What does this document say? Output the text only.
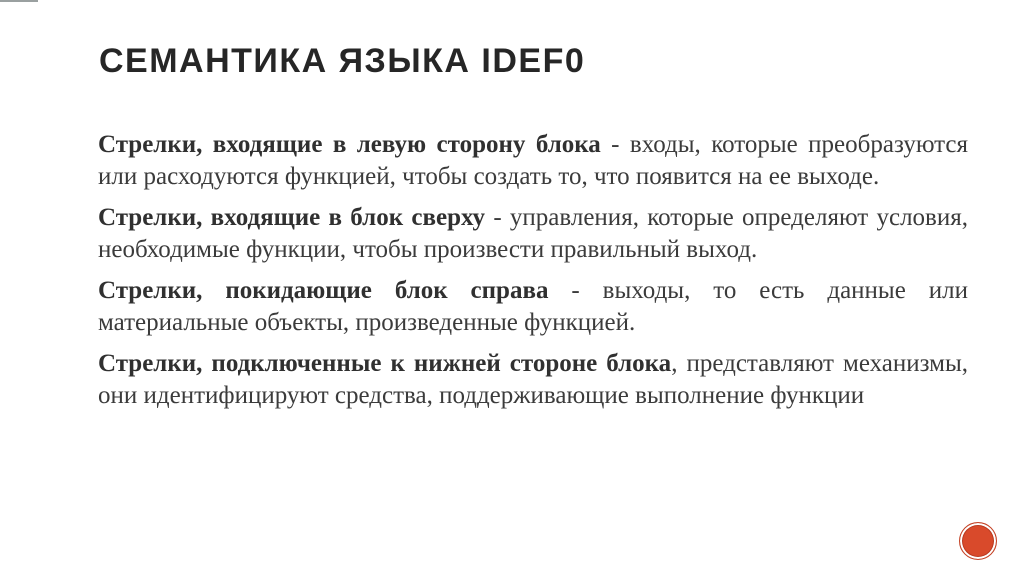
СЕМАНТИКА ЯЗЫКА IDEF0

Стрелки, входящие в левую сторону блока - входы, которые преобразуются или расходуются функцией, чтобы создать то, что появится на ее выходе.

Стрелки, входящие в блок сверху - управления, которые определяют условия, необходимые функции, чтобы произвести правильный выход.

Стрелки, покидающие блок справа - выходы, то есть данные или материальные объекты, произведенные функцией.

Стрелки, подключенные к нижней стороне блока, представляют механизмы, они идентифицируют средства, поддерживающие выполнение функции
